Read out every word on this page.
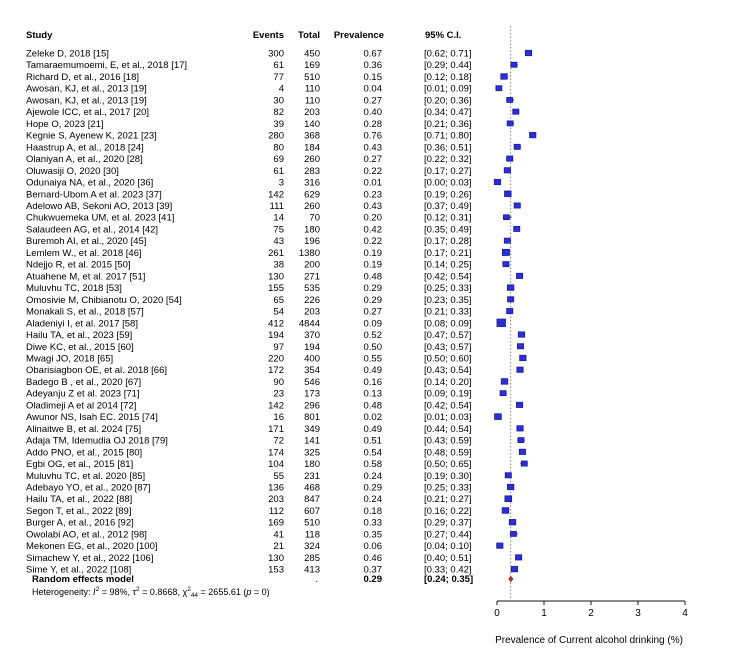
Study	Events Total Prevalence	95% C.I.
Zeleke D, 2018 [15]	300 450	0.67	[0.62; 0.71]
Tamaraemumoemi, E, et al., 2018 [17]	61 169	0.36	[0.29; 0.44]
Richard D, et al., 2016 [18]	77 510	0.15	[0.12; 0.18]
Awosan, KJ, et al., 2013 [19]	4 110	0.04	[0.01; 0.09]
Awosan, KJ, et al., 2013 [19]	30 110	0.27	[0.20; 0.36]
Ajewole ICC, et al., 2017 [20]	82 203	0.40	[0.34; 0.47]
Hope O, 2023 [21]	39 140	0.28	[0.21; 0.36]
Kegnie S, Ayenew K, 2021 [23]	280 368	0.76	[0.71; 0.80]
Haastrup A, et al., 2018 [24]	80 184	0.43	[0.36; 0.51]
Olaniyan A, et al., 2020 [28]	69 260	0.27	[0.22; 0.32]
Oluwasiji O, 2020 [30]	61 283	0.22	[0.17; 0.27]
Odunaiya NA, et al., 2020 [36]	3 316	0.01	[0.00; 0.03]
Bernard-Ubom A et al. 2023 [37]	142 629	0.23	[0.19; 0.26]
Adelowo AB, Sekoni AO, 2013 [39]	111 260	0.43	[0.37; 0.49]
Chukwuemeka UM, et al. 2023 [41]	14	70	0.20	[0.12; 0.31]
Salaudeen AG, et al., 2014 [42]	75 180	0.42	[0.35; 0.49]
Buremoh AI, et al., 2020 [45]	43 196	0.22	[0.17; 0.28]
Lemlem W., et al. 2018 [46]	261 1380	0.19	[0.17; 0.21]
Ndejjo R, et al. 2015 [50]	38 200	0.19	[0.14; 0.25]
Atuahene M, et al. 2017 [51]	130 271	0.48	[0.42; 0.54]
Muluvhu TC, 2018 [53]	155 535	0.29	[0.25; 0.33]
Omosivie M, Chibianotu O, 2020 [54]	65 226	0.29	[0.23; 0.35]
Monakali S, et al., 2018 [57]	54 203	0.27	[0.21; 0.33]
Aladeniyi I, et al. 2017 [58]	412 4844	0.09	[0.08; 0.09]
Hailu TA, et al., 2023 [59]	194 370	0.52	[0.47; 0.57]
Diwe KC, et al., 2015 [60]	97 194	0.50	[0.43; 0.57]
Mwagi JO, 2018 [65]	220 400	0.55	[0.50; 0.60]
Obarisiagbon OE, et al. 2018 [66]	172 354	0.49	[0.43; 0.54]
Badego B , et al., 2020 [67]	90 546	0.16	[0.14; 0.20]
Adeyanju Z et al. 2023 [71]	23 173	0.13	[0.09; 0.19]
Oladimeji A et al 2014 [72]	142 296	0.48	[0.42; 0.54]
Awunor NS, Isah EC. 2015 [74]	16 801	0.02	[0.01; 0.03]
Alinaitwe B, et al. 2024 [75]	171 349	0.49	[0.44; 0.54]
Adaja TM, Idemudia OJ 2018 [79]	72 141	0.51	[0.43; 0.59]
Addo PNO, et al., 2015 [80]	174 325	0.54	[0.48; 0.59]
Egbi OG, et al., 2015 [81]	104 180	0.58	[0.50; 0.65]
Muluvhu TC, et al. 2020 [85]	55 231	0.24	[0.19; 0.30]
Adebayo YO, et al., 2020 [87]	136 468	0.29	[0.25; 0.33]
Hailu TA, et al., 2022 [88]	203 847	0.24	[0.21; 0.27]
Segon T, et al., 2022 [89]	112 607	0.18	[0.16; 0.22]
Burger A, et al., 2016 [92]	169 510	0.33	[0.29; 0.37]
Owolabi AO, et al., 2012 [98]	41 118	0.35	[0.27; 0.44]
Mekonen EG, et al., 2020 [100]	21 324	0.06	[0.04; 0.10]
Simachew Y, et al., 2022 [106]	130 285	0.46	[0.40; 0.51]
Sime Y, et al., 2022 [108]	153 413	0.37	[0.33; 0.42]
Random effects model	.	0.29	[0.24; 0.35]
Heterogeneity: $I^2 = 98\%$, $\tau^2 = 0.8668$, $\chi^2_{44} = 2655.61$ (p = 0)
Prevalence of Current alcohol drinking (%)
0	1	2	3	4
